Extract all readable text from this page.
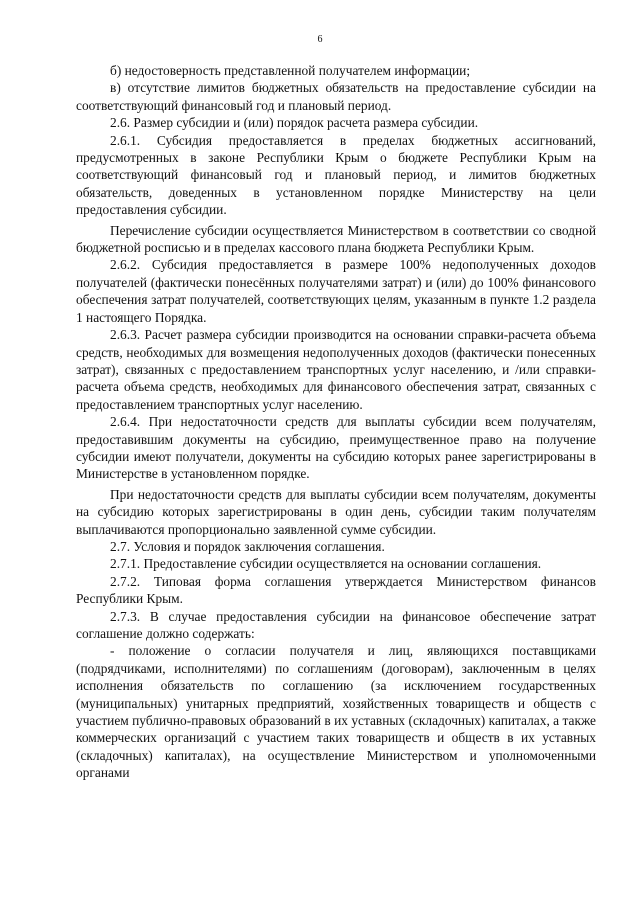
6

б) недостоверность представленной получателем информации;

в) отсутствие лимитов бюджетных обязательств на предоставление субсидии на соответствующий финансовый год и плановый период.

2.6. Размер субсидии и (или) порядок расчета размера субсидии.

2.6.1. Субсидия предоставляется в пределах бюджетных ассигнований, предусмотренных в законе Республики Крым о бюджете Республики Крым на соответствующий финансовый год и плановый период, и лимитов бюджетных обязательств, доведенных в установленном порядке Министерству на цели предоставления субсидии.

Перечисление субсидии осуществляется Министерством в соответствии со сводной бюджетной росписью и в пределах кассового плана бюджета Республики Крым.

2.6.2. Субсидия предоставляется в размере 100% недополученных доходов получателей (фактически понесённых получателями затрат) и (или) до 100% финансового обеспечения затрат получателей, соответствующих целям, указанным в пункте 1.2 раздела 1 настоящего Порядка.

2.6.3. Расчет размера субсидии производится на основании справки-расчета объема средств, необходимых для возмещения недополученных доходов (фактически понесенных затрат), связанных с предоставлением транспортных услуг населению, и /или справки-расчета объема средств, необходимых для финансового обеспечения затрат, связанных с предоставлением транспортных услуг населению.

2.6.4. При недостаточности средств для выплаты субсидии всем получателям, предоставившим документы на субсидию, преимущественное право на получение субсидии имеют получатели, документы на субсидию которых ранее зарегистрированы в Министерстве в установленном порядке.

При недостаточности средств для выплаты субсидии всем получателям, документы на субсидию которых зарегистрированы в один день, субсидии таким получателям выплачиваются пропорционально заявленной сумме субсидии.

2.7. Условия и порядок заключения соглашения.

2.7.1. Предоставление субсидии осуществляется на основании соглашения.

2.7.2. Типовая форма соглашения утверждается Министерством финансов Республики Крым.

2.7.3. В случае предоставления субсидии на финансовое обеспечение затрат соглашение должно содержать:

- положение о согласии получателя и лиц, являющихся поставщиками (подрядчиками, исполнителями) по соглашениям (договорам), заключенным в целях исполнения обязательств по соглашению (за исключением государственных (муниципальных) унитарных предприятий, хозяйственных товариществ и обществ с участием публично-правовых образований в их уставных (складочных) капиталах, а также коммерческих организаций с участием таких товариществ и обществ в их уставных (складочных) капиталах), на осуществление Министерством и уполномоченными органами
